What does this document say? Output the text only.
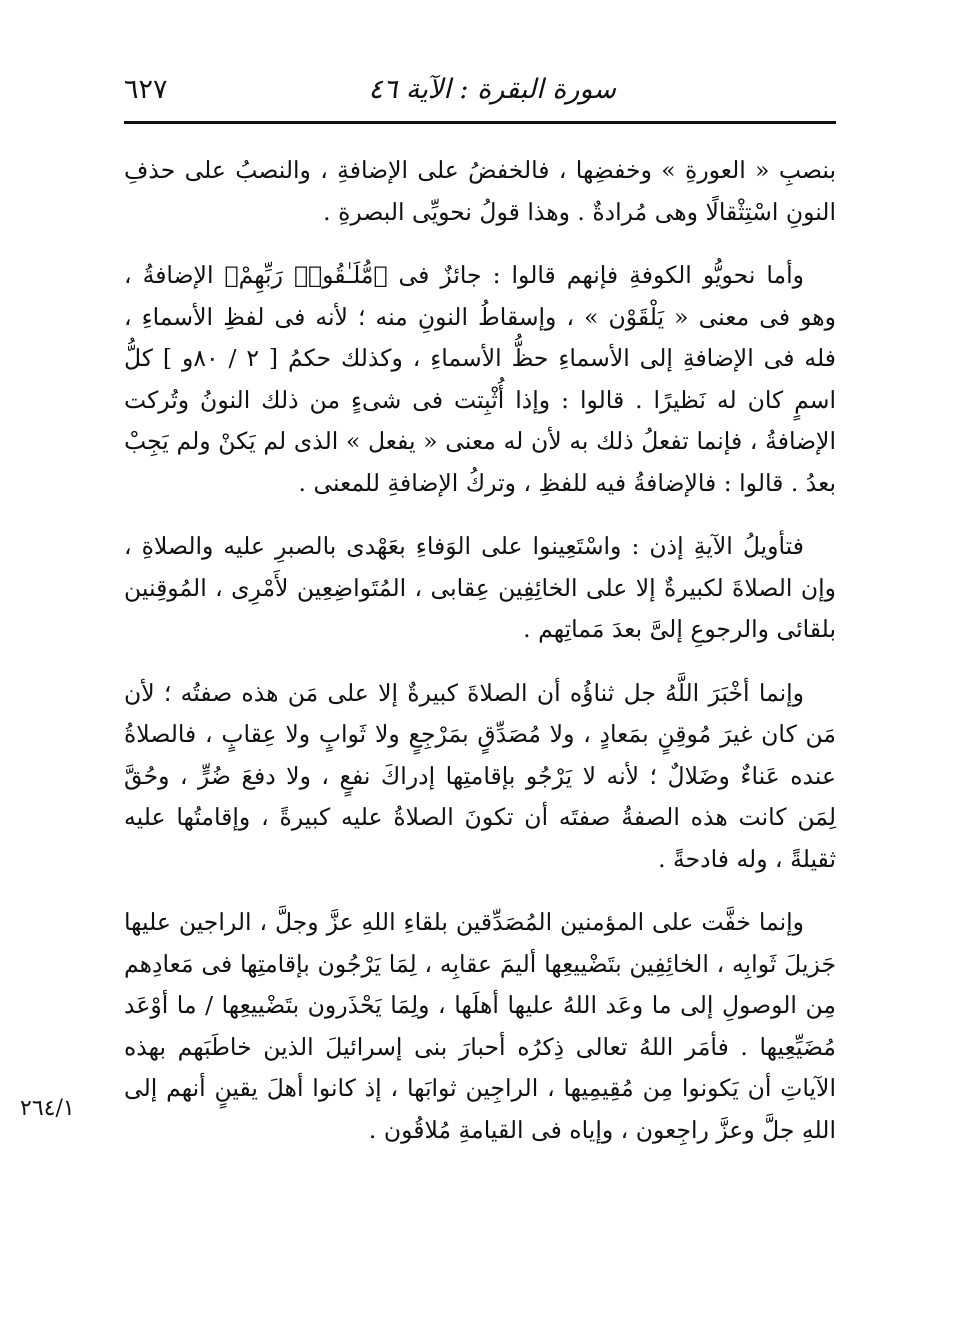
سورة البقرة : الآية ٤٦
٦٢٧

بنصبِ « العورةِ » وخفضِها ، فالخفضُ على الإضافةِ ، والنصبُ على حذفِ النونِ اسْتِثْقالًا وهى مُرادةٌ . وهذا قولُ نحويِّى البصرةِ .

وأما نحويُّو الكوفةِ فإنهم قالوا : جائزٌ فى ﴿مُّلَـٰقُوا۟ رَبِّهِمْ﴾ الإضافةُ ، وهو فى معنى « يَلْقَوْن » ، وإسقاطُ النونِ منه ؛ لأنه فى لفظِ الأسماءِ ، فله فى الإضافةِ إلى الأسماءِ حظُّ الأسماءِ ، وكذلك حكمُ [ ٢ / ٨٠و ] كلُّ اسمٍ كان له نَظيرًا . قالوا : وإذا أُثْبِتت فى شىءٍ من ذلك النونُ وتُركت الإضافةُ ، فإنما تفعلُ ذلك به لأن له معنى « يفعل » الذى لم يَكنْ ولم يَجِبْ بعدُ . قالوا : فالإضافةُ فيه للفظِ ، وتركُ الإضافةِ للمعنى .

فتأويلُ الآيةِ إذن : واسْتَعِينوا على الوَفاءِ بعَهْدى بالصبرِ عليه والصلاةِ ، وإن الصلاةَ لكبيرةٌ إلا على الخائِفِين عِقابى ، المُتَواضِعِين لأَمْرِى ، المُوقِنين بلقائى والرجوعِ إلىَّ بعدَ مَماتِهم .

وإنما أخْبَرَ اللَّهُ جل ثناؤُه أن الصلاةَ كبيرةٌ إلا على مَن هذه صفتُه ؛ لأن مَن كان غيرَ مُوقِنٍ بمَعادٍ ، ولا مُصَدِّقٍ بمَرْجِعٍ ولا ثَوابٍ ولا عِقابٍ ، فالصلاةُ عنده عَناءٌ وضَلالٌ ؛ لأنه لا يَرْجُو بإقامتِها إدراكَ نفعٍ ، ولا دفعَ ضُرٍّ ، وحُقَّ لِمَن كانت هذه الصفةُ صفتَه أن تكونَ الصلاةُ عليه كبيرةً ، وإقامتُها عليه ثقيلةً ، وله فادحةً .

وإنما خفَّت على المؤمنين المُصَدِّقين بلقاءِ اللهِ عزَّ وجلَّ ، الراجين عليها جَزيلَ ثَوابِه ، الخائِفِين بتَضْييعِها أليمَ عقابِه ، لِمَا يَرْجُون بإقامتِها فى مَعادِهم مِن الوصولِ إلى ما وعَد اللهُ عليها أهلَها ، ولِمَا يَحْذَرون بتَضْييعِها / ما أوْعَد مُضَيِّعِيها . فأمَر اللهُ تعالى ذِكرُه أحبارَ بنى إسرائيلَ الذين خاطَبَهم بهذه الآياتِ أن يَكونوا مِن مُقِيمِيها ، الراجِين ثوابَها ، إذ كانوا أهلَ يقينٍ أنهم إلى اللهِ جلَّ وعزَّ راجِعون ، وإياه فى القيامةِ مُلاقُون .

٢٦٤/١
